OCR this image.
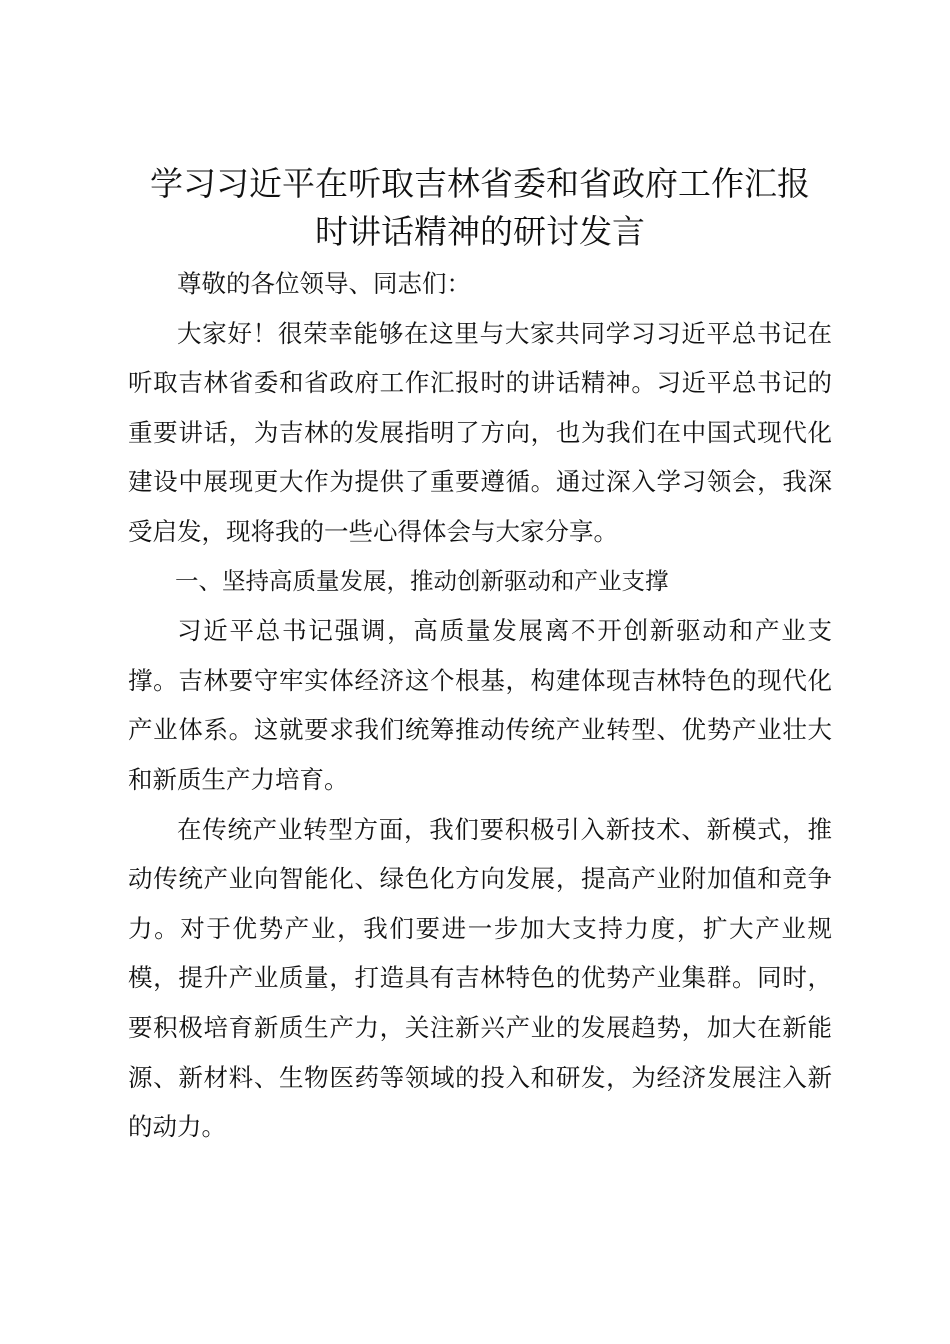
学习习近平在听取吉林省委和省政府工作汇报
时讲话精神的研讨发言

尊敬的各位领导、同志们：

大家好！很荣幸能够在这里与大家共同学习习近平总书记在听取吉林省委和省政府工作汇报时的讲话精神。习近平总书记的重要讲话，为吉林的发展指明了方向，也为我们在中国式现代化建设中展现更大作为提供了重要遵循。通过深入学习领会，我深受启发，现将我的一些心得体会与大家分享。

一、坚持高质量发展，推动创新驱动和产业支撑

习近平总书记强调，高质量发展离不开创新驱动和产业支撑。吉林要守牢实体经济这个根基，构建体现吉林特色的现代化产业体系。这就要求我们统筹推动传统产业转型、优势产业壮大和新质生产力培育。

在传统产业转型方面，我们要积极引入新技术、新模式，推动传统产业向智能化、绿色化方向发展，提高产业附加值和竞争力。对于优势产业，我们要进一步加大支持力度，扩大产业规模，提升产业质量，打造具有吉林特色的优势产业集群。同时，要积极培育新质生产力，关注新兴产业的发展趋势，加大在新能源、新材料、生物医药等领域的投入和研发，为经济发展注入新的动力。
